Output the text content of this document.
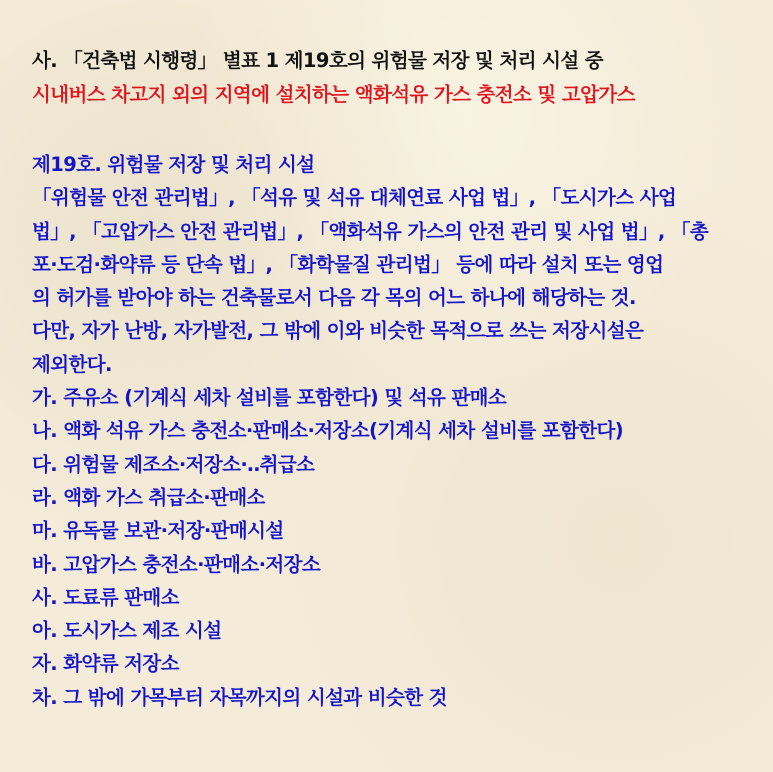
사. 「건축법 시행령」 별표 1 제19호의 위험물 저장 및 처리 시설 중
시내버스 차고지 외의 지역에 설치하는 액화석유 가스 충전소 및 고압가스
제19호. 위험물 저장 및 처리 시설
「위험물 안전 관리법」, 「석유 및 석유 대체연료 사업 법」, 「도시가스 사업
법」, 「고압가스 안전 관리법」, 「액화석유 가스의 안전 관리 및 사업 법」, 「총
포·도검·화약류 등 단속 법」, 「화학물질 관리법」 등에 따라 설치 또는 영업
의 허가를 받아야 하는 건축물로서 다음 각 목의 어느 하나에 해당하는 것.
다만, 자가 난방, 자가발전, 그 밖에 이와 비슷한 목적으로 쓰는 저장시설은
제외한다.
가. 주유소 (기계식 세차 설비를 포함한다) 및 석유 판매소
나. 액화 석유 가스 충전소·판매소·저장소(기계식 세차 설비를 포함한다)
다. 위험물 제조소·저장소·‥취급소
라. 액화 가스 취급소·판매소
마. 유독물 보관·저장·판매시설
바. 고압가스 충전소·판매소·저장소
사. 도료류 판매소
아. 도시가스 제조 시설
자. 화약류 저장소
차. 그 밖에 가목부터 자목까지의 시설과 비슷한 것
